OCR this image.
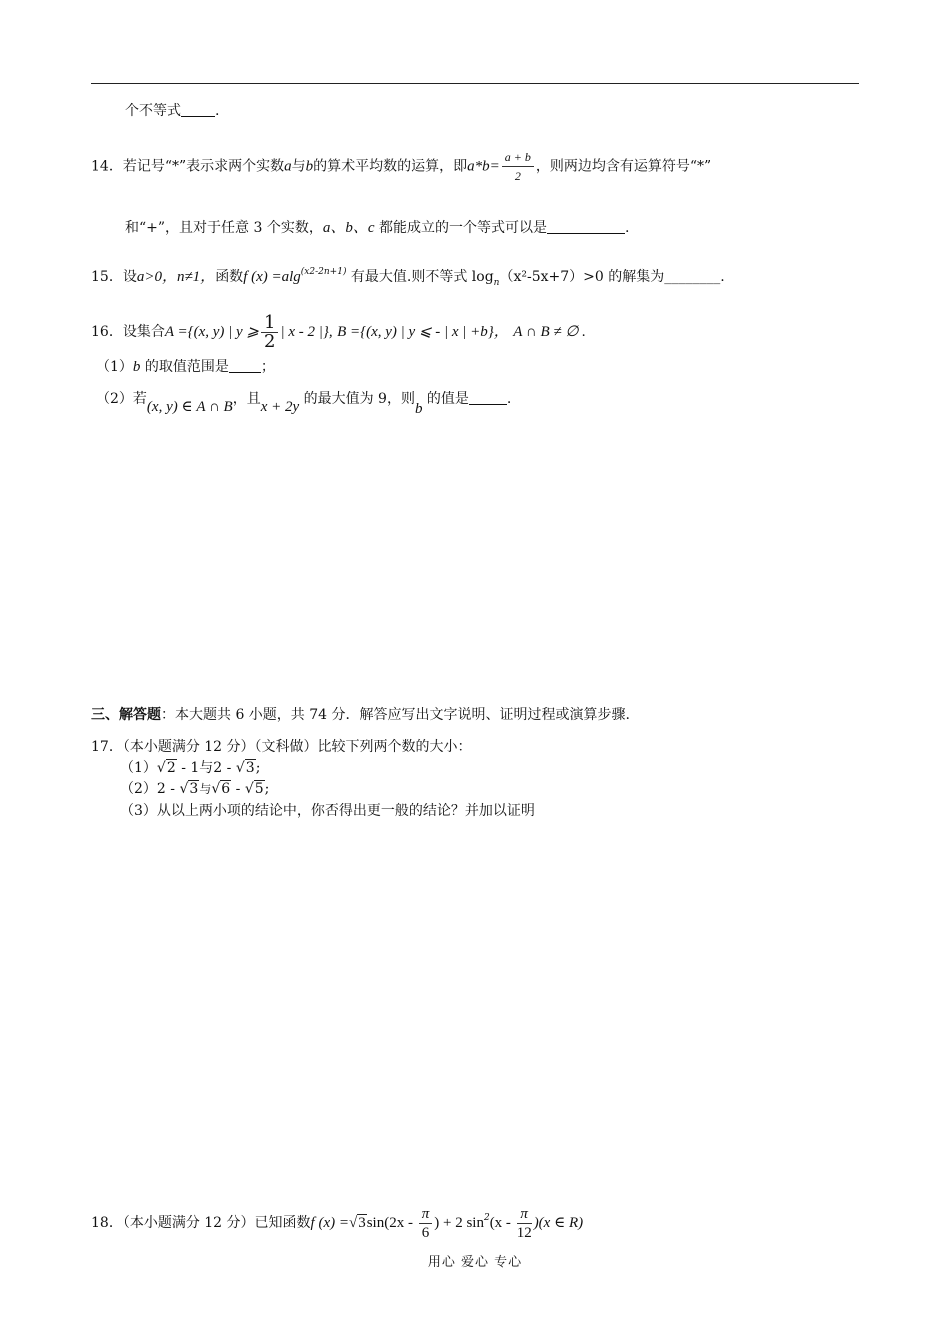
个不等式 .
14．若记号“*”表示求两个实数a与b的算术平均数的运算，即$a*b= \frac{a + b}{2}$ ，则两边均含有运算符号“*”
和“+”，且对于任意 3 个实数，a、b、c 都能成立的一个等式可以是	.
15．设a>0，n≠1，函数f (x) =alg$^{(x2-2n+1)}$ 有最大值.则不等式 $\log_n(x^2-5x+7)>0$ 的解集为________.
16．设集合A ={(x, y) | y ⩾ $\frac{1}{2}$ | x - 2 |}, B ={(x, y) | y ⩽ - | x | +b}， A ∩ B ≠ ∅ .
（1）b 的取值范围是 ；
（2）若(x, y) ∈ A ∩ B，且x + 2y 的最大值为 9，则b 的值是	.
三、解答题：本大题共 6 小题，共 74 分．解答应写出文字说明、证明过程或演算步骤.
17．（本小题满分 12 分）（文科做）比较下列两个数的大小：
（1）√2 - 1与2 - √3;
（2）2 - √3与√6 - √5;
（3）从以上两小项的结论中，你否得出更一般的结论？并加以证明
18．（本小题满分 12 分）已知函数f $(x) =√3\sin(2x - \frac{\pi}{6}$ ) + 2 $\sin^2(x - \frac{\pi}{12} )(x$ ∈ R)
用心 爱心 专心
